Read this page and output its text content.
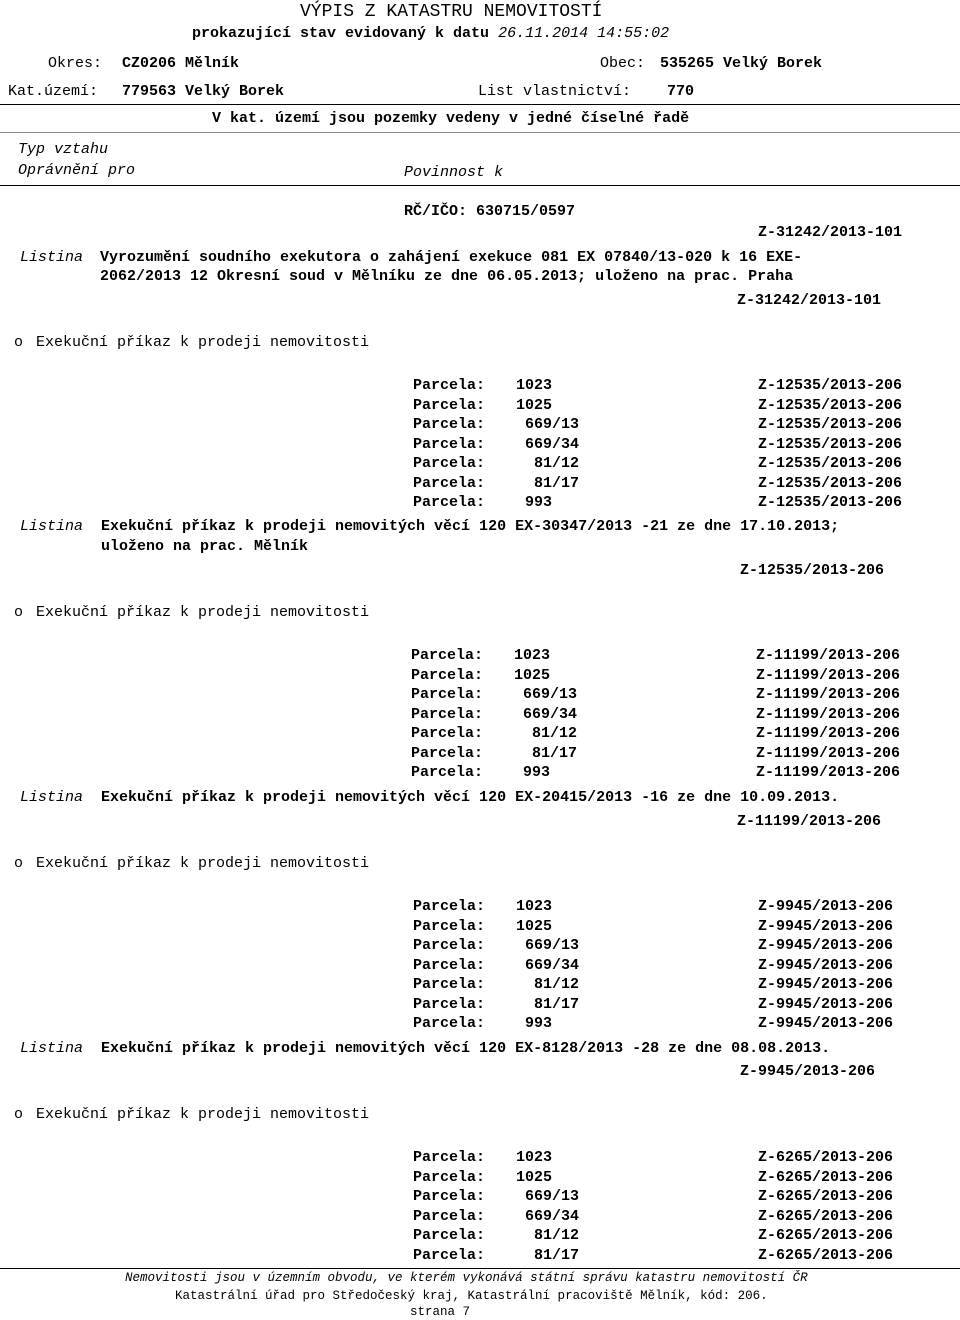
VÝPIS Z KATASTRU NEMOVITOSTÍ
prokazující stav evidovaný k datu 26.11.2014 14:55:02
Okres: CZ0206 Mělník	Obec: 535265 Velký Borek
Kat.území: 779563 Velký Borek	List vlastnictví: 770
V kat. území jsou pozemky vedeny v jedné číselné řadě
Typ vztahu
Oprávnění pro	Povinnost k
RČ/IČO: 630715/0597
Z-31242/2013-101
Listina Vyrozumění soudního exekutora o zahájení exekuce 081 EX 07840/13-020 k 16 EXE-
2062/2013 12 Okresní soud v Mělníku ze dne 06.05.2013; uloženo na prac. Praha
Z-31242/2013-101
o Exekuční příkaz k prodeji nemovitosti
Parcela: 1023	Z-12535/2013-206
Parcela: 1025	Z-12535/2013-206
Parcela: 669/13	Z-12535/2013-206
Parcela: 669/34	Z-12535/2013-206
Parcela: 81/12	Z-12535/2013-206
Parcela: 81/17	Z-12535/2013-206
Parcela: 993	Z-12535/2013-206
Listina Exekuční příkaz k prodeji nemovitých věcí 120 EX-30347/2013 -21 ze dne 17.10.2013;
uloženo na prac. Mělník
Z-12535/2013-206
o Exekuční příkaz k prodeji nemovitosti
Parcela: 1023	Z-11199/2013-206
Parcela: 1025	Z-11199/2013-206
Parcela: 669/13	Z-11199/2013-206
Parcela: 669/34	Z-11199/2013-206
Parcela: 81/12	Z-11199/2013-206
Parcela: 81/17	Z-11199/2013-206
Parcela: 993	Z-11199/2013-206
Listina Exekuční příkaz k prodeji nemovitých věcí 120 EX-20415/2013 -16 ze dne 10.09.2013.
Z-11199/2013-206
o Exekuční příkaz k prodeji nemovitosti
Parcela: 1023	Z-9945/2013-206
Parcela: 1025	Z-9945/2013-206
Parcela: 669/13	Z-9945/2013-206
Parcela: 669/34	Z-9945/2013-206
Parcela: 81/12	Z-9945/2013-206
Parcela: 81/17	Z-9945/2013-206
Parcela: 993	Z-9945/2013-206
Listina Exekuční příkaz k prodeji nemovitých věcí 120 EX-8128/2013 -28 ze dne 08.08.2013.
Z-9945/2013-206
o Exekuční příkaz k prodeji nemovitosti
Parcela: 1023	Z-6265/2013-206
Parcela: 1025	Z-6265/2013-206
Parcela: 669/13	Z-6265/2013-206
Parcela: 669/34	Z-6265/2013-206
Parcela: 81/12	Z-6265/2013-206
Parcela: 81/17	Z-6265/2013-206
Nemovitosti jsou v územním obvodu, ve kterém vykonává státní správu katastru nemovitostí ČR
Katastrální úřad pro Středočeský kraj, Katastrální pracoviště Mělník, kód: 206.
strana 7
